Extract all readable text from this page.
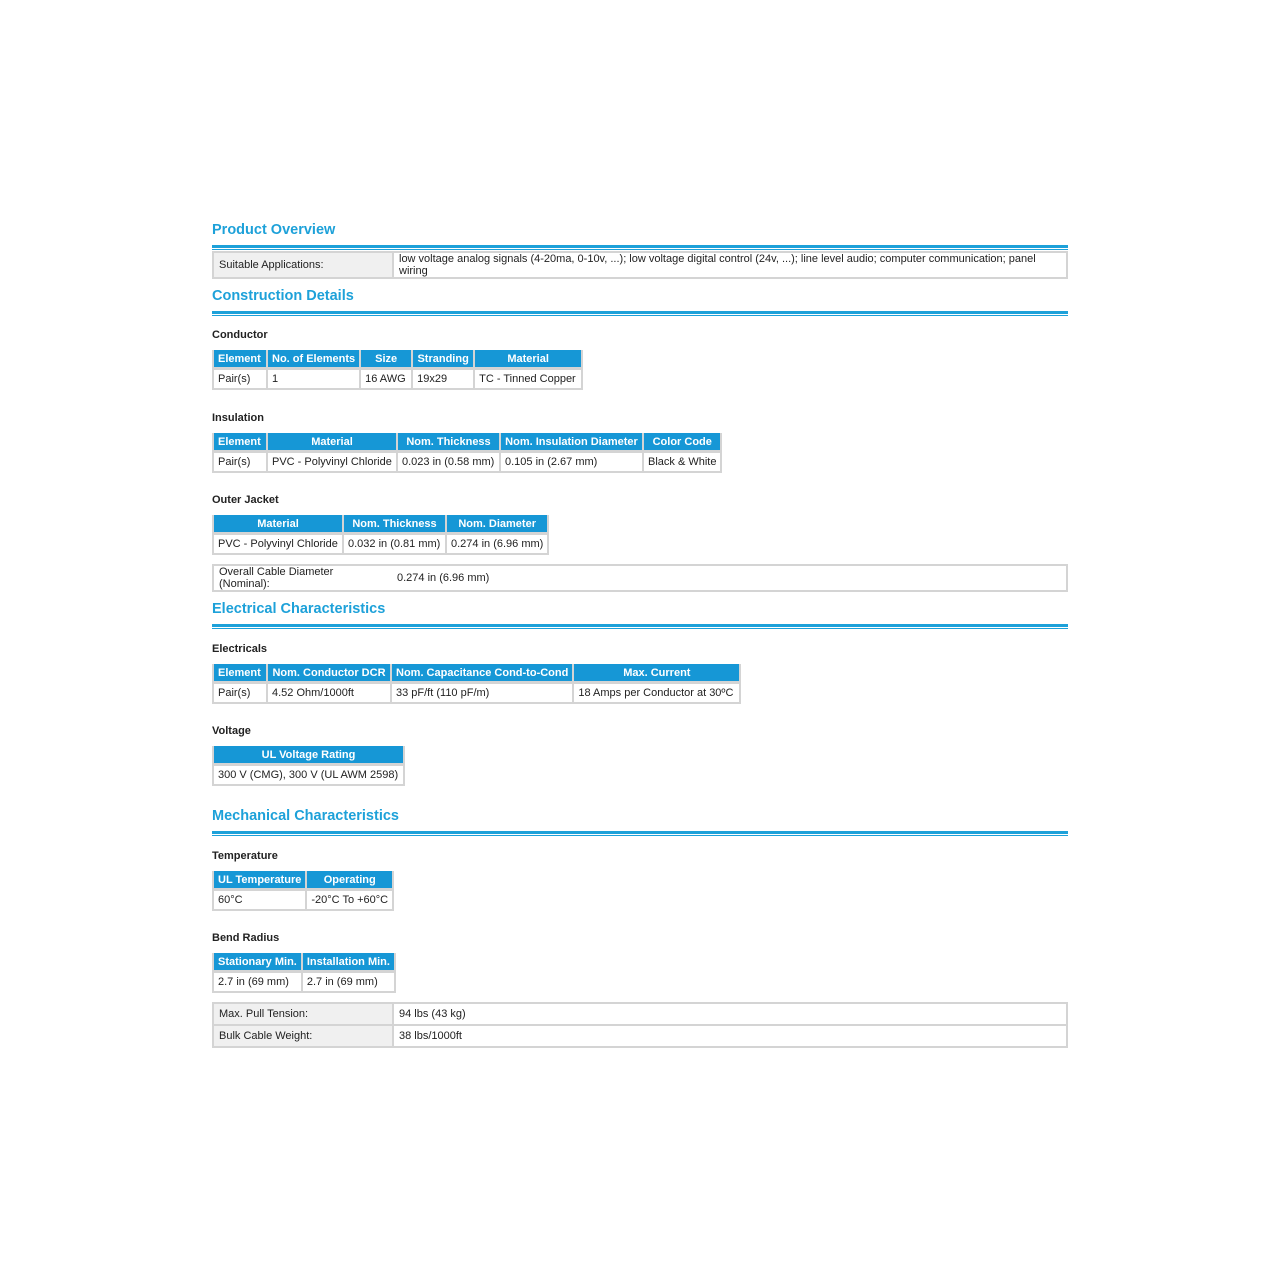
Product Overview
Suitable Applications:	low voltage analog signals (4-20ma, 0-10v, ...); low voltage digital control (24v, ...); line level audio; computer communication; panel wiring
Construction Details

Conductor

Element	No. of Elements	Size	Stranding	Material
Pair(s)	1	16 AWG	19x29	TC - Tinned Copper

Insulation

Element	Material	Nom. Thickness	Nom. Insulation Diameter	Color Code
Pair(s)	PVC - Polyvinyl Chloride	0.023 in (0.58 mm)	0.105 in (2.67 mm)	Black & White

Outer Jacket

Material	Nom. Thickness	Nom. Diameter
PVC - Polyvinyl Chloride	0.032 in (0.81 mm)	0.274 in (6.96 mm)
Overall Cable Diameter (Nominal):	0.274 in (6.96 mm)
Electrical Characteristics

Electricals

Element	Nom. Conductor DCR	Nom. Capacitance Cond-to-Cond	Max. Current
Pair(s)	4.52 Ohm/1000ft	33 pF/ft (110 pF/m)	18 Amps per Conductor at 30ºC

Voltage

UL Voltage Rating
300 V (CMG), 300 V (UL AWM 2598)
Mechanical Characteristics

Temperature

UL Temperature	Operating
60°C	-20°C To +60°C

Bend Radius

Stationary Min.	Installation Min.
2.7 in (69 mm)	2.7 in (69 mm)
Max. Pull Tension:	94 lbs (43 kg)
Bulk Cable Weight:	38 lbs/1000ft
